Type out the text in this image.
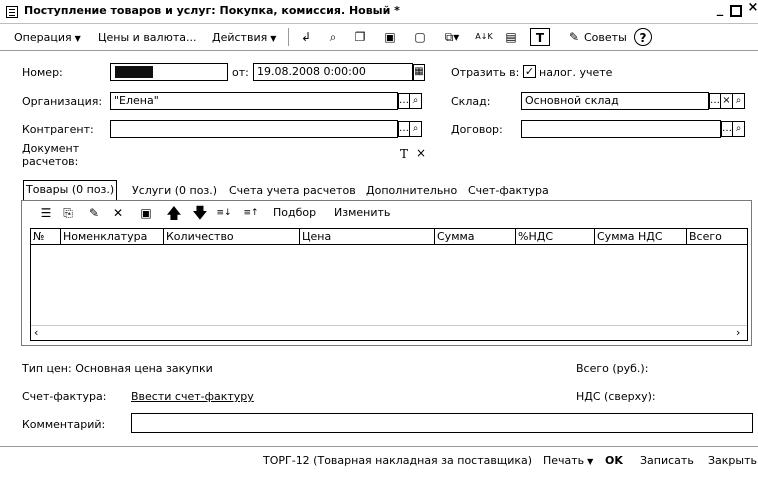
Поступление товаров и услуг: Покупка, комиссия. Новый *	_	×
Операция ▼ Цены и валюта... Действия ▼	↲	⌕	❐	▣	▢	⧉▾	A↓K	▤	T	✎ Советы	?
Номер:	от: 19.08.2008 0:00:00	▦ Отразить в: ✓ налог. учете
Организация:	"Елена"	… ⌕	Склад:	Основной склад	… × ⌕
Контрагент:	… ⌕	Договор:	… ⌕
Документ расчетов:
Т ×
Товары (0 поз.) Услуги (0 поз.) Счета учета расчетов Дополнительно Счет-фактура
☰ ⎘ ✎ ✕ ▣ 🡅 🡇 ≡↓ ≡↑ Подбор Изменить
№	Номенклатура	Количество	Цена	Сумма	%НДС	Сумма НДС	Всего
‹	›
Тип цен: Основная цена закупки	Всего (руб.):
Счет-фактура: Ввести счет-фактуру	НДС (сверху):
Комментарий:
ТОРГ-12 (Товарная накладная за поставщика) Печать ▼ OK Записать Закрыть
